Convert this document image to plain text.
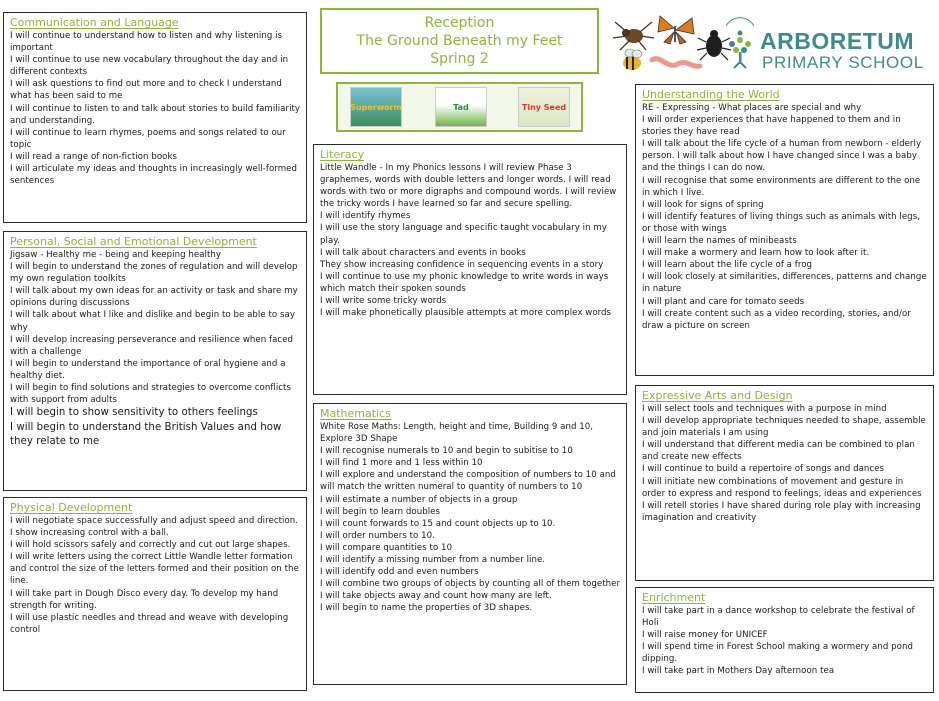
Communication and Language

I will continue to understand how to listen and why listening is important

I will continue to use new vocabulary throughout the day and in different contexts

I will ask questions to find out more and to check I understand what has been said to me

I will continue to listen to and talk about stories to build familiarity and understanding.

I will continue to learn rhymes, poems and songs related to our topic

I will read a range of non-fiction books

I will articulate my ideas and thoughts in increasingly well-formed sentences

Personal, Social and Emotional Development

Jigsaw - Healthy me - being and keeping healthy

I will begin to understand the zones of regulation and will develop my own regulation toolkits

I will talk about my own ideas for an activity or task and share my opinions during discussions

I will talk about what I like and dislike and begin to be able to say why

I will develop increasing perseverance and resilience when faced with a challenge

I will begin to understand the importance of oral hygiene and a healthy diet.

I will begin to find solutions and strategies to overcome conflicts with support from adults

I will begin to show sensitivity to others feelings

I will begin to understand the British Values and how they relate to me

Physical Development

I will negotiate space successfully and adjust speed and direction.

I show increasing control with a ball.

I will hold scissors safely and correctly and cut out large shapes.

I will write letters using the correct Little Wandle letter formation and control the size of the letters formed and their position on the line.

I will take part in Dough Disco every day. To develop my hand strength for writing.

I will use plastic needles and thread and weave with developing control

Reception
The Ground Beneath my Feet
Spring 2
Superworm	Tad	Tiny Seed
ARBORETUM
PRIMARY SCHOOL
Literacy

Little Wandle - In my Phonics lessons I will review Phase 3 graphemes, words with double letters and longer words. I will read words with two or more digraphs and compound words. I will review the tricky words I have learned so far and secure spelling.

I will identify rhymes

I will use the story language and specific taught vocabulary in my play.

I will talk about characters and events in books

They show increasing confidence in sequencing events in a story

I will continue to use my phonic knowledge to write words in ways which match their spoken sounds

I will write some tricky words

I will make phonetically plausible attempts at more complex words

Mathematics

White Rose Maths: Length, height and time, Building 9 and 10, Explore 3D Shape

I will recognise numerals to 10 and begin to subitise to 10

I will find 1 more and 1 less within 10

I will explore and understand the composition of numbers to 10 and will match the written numeral to quantity of numbers to 10

I will estimate a number of objects in a group

I will begin to learn doubles

I will count forwards to 15 and count objects up to 10.

I will order numbers to 10.

I will compare quantities to 10

I will identify a missing number from a number line.

I will identify odd and even numbers

I will combine two groups of objects by counting all of them together

I will take objects away and count how many are left.

I will begin to name the properties of 3D shapes.

Understanding the World

RE - Expressing - What places are special and why

I will order experiences that have happened to them and in stories they have read

I will talk about the life cycle of a human from newborn - elderly person. I will talk about how I have changed since I was a baby and the things I can do now.

I will recognise that some environments are different to the one in which I live.

I will look for signs of spring

I will identify features of living things such as animals with legs, or those with wings

I will learn the names of minibeasts

I will make a wormery and learn how to look after it.

I will learn about the life cycle of a frog

I will look closely at similarities, differences, patterns and change in nature

I will plant and care for tomato seeds

I will create content such as a video recording, stories, and/or draw a picture on screen

Expressive Arts and Design

I will select tools and techniques with a purpose in mind

I will develop appropriate techniques needed to shape, assemble and join materials I am using

I will understand that different media can be combined to plan and create new effects

I will continue to build a repertoire of songs and dances

I will initiate new combinations of movement and gesture in order to express and respond to feelings, ideas and experiences

I will retell stories I have shared during role play with increasing imagination and creativity

Enrichment

I will take part in a dance workshop to celebrate the festival of Holi

I will raise money for UNICEF

I will spend time in Forest School making a wormery and pond dipping.

I will take part in Mothers Day afternoon tea
